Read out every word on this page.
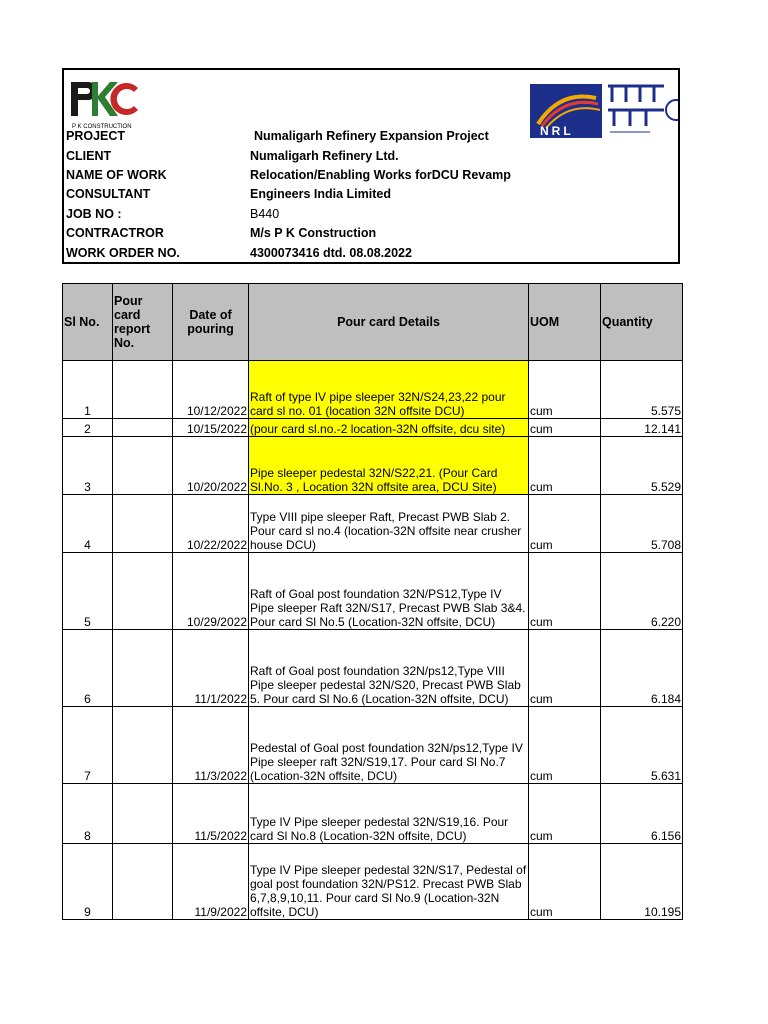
P K CONSTRUCTION	NRL
PROJECT	Numaligarh Refinery Expansion Project
CLIENT	Numaligarh Refinery Ltd.
NAME OF WORK	Relocation/Enabling Works forDCU Revamp
CONSULTANT	Engineers India Limited
JOB NO :	B440
CONTRACTROR	M/s P K Construction
WORK ORDER NO.	4300073416 dtd. 08.08.2022
Sl No.	Pour card report No.	Date of pouring	Pour card Details	UOM	Quantity
1		10/12/2022	Raft of type IV pipe sleeper 32N/S24,23,22 pour card sl no. 01 (location 32N offsite DCU)	cum	5.575
2		10/15/2022	(pour card sl.no.-2 location-32N offsite, dcu site)	cum	12.141
3		10/20/2022	Pipe sleeper pedestal 32N/S22,21. (Pour Card Sl.No. 3 , Location 32N offsite area, DCU Site)	cum	5.529
4		10/22/2022	Type VIII pipe sleeper Raft, Precast PWB Slab 2. Pour card sl no.4 (location-32N offsite near crusher house DCU)	cum	5.708
5		10/29/2022	Raft of Goal post foundation 32N/PS12,Type IV Pipe sleeper Raft 32N/S17, Precast PWB Slab 3&4. Pour card Sl No.5 (Location-32N offsite, DCU)	cum	6.220
6		11/1/2022	Raft of Goal post foundation 32N/ps12,Type VIII Pipe sleeper pedestal 32N/S20, Precast PWB Slab 5. Pour card Sl No.6 (Location-32N offsite, DCU)	cum	6.184
7		11/3/2022	Pedestal of Goal post foundation 32N/ps12,Type IV Pipe sleeper raft 32N/S19,17. Pour card Sl No.7 (Location-32N offsite, DCU)	cum	5.631
8		11/5/2022	Type IV Pipe sleeper pedestal 32N/S19,16. Pour card Sl No.8 (Location-32N offsite, DCU)	cum	6.156
9		11/9/2022	Type IV Pipe sleeper pedestal 32N/S17, Pedestal of goal post foundation 32N/PS12. Precast PWB Slab 6,7,8,9,10,11. Pour card Sl No.9 (Location-32N offsite, DCU)	cum	10.195
